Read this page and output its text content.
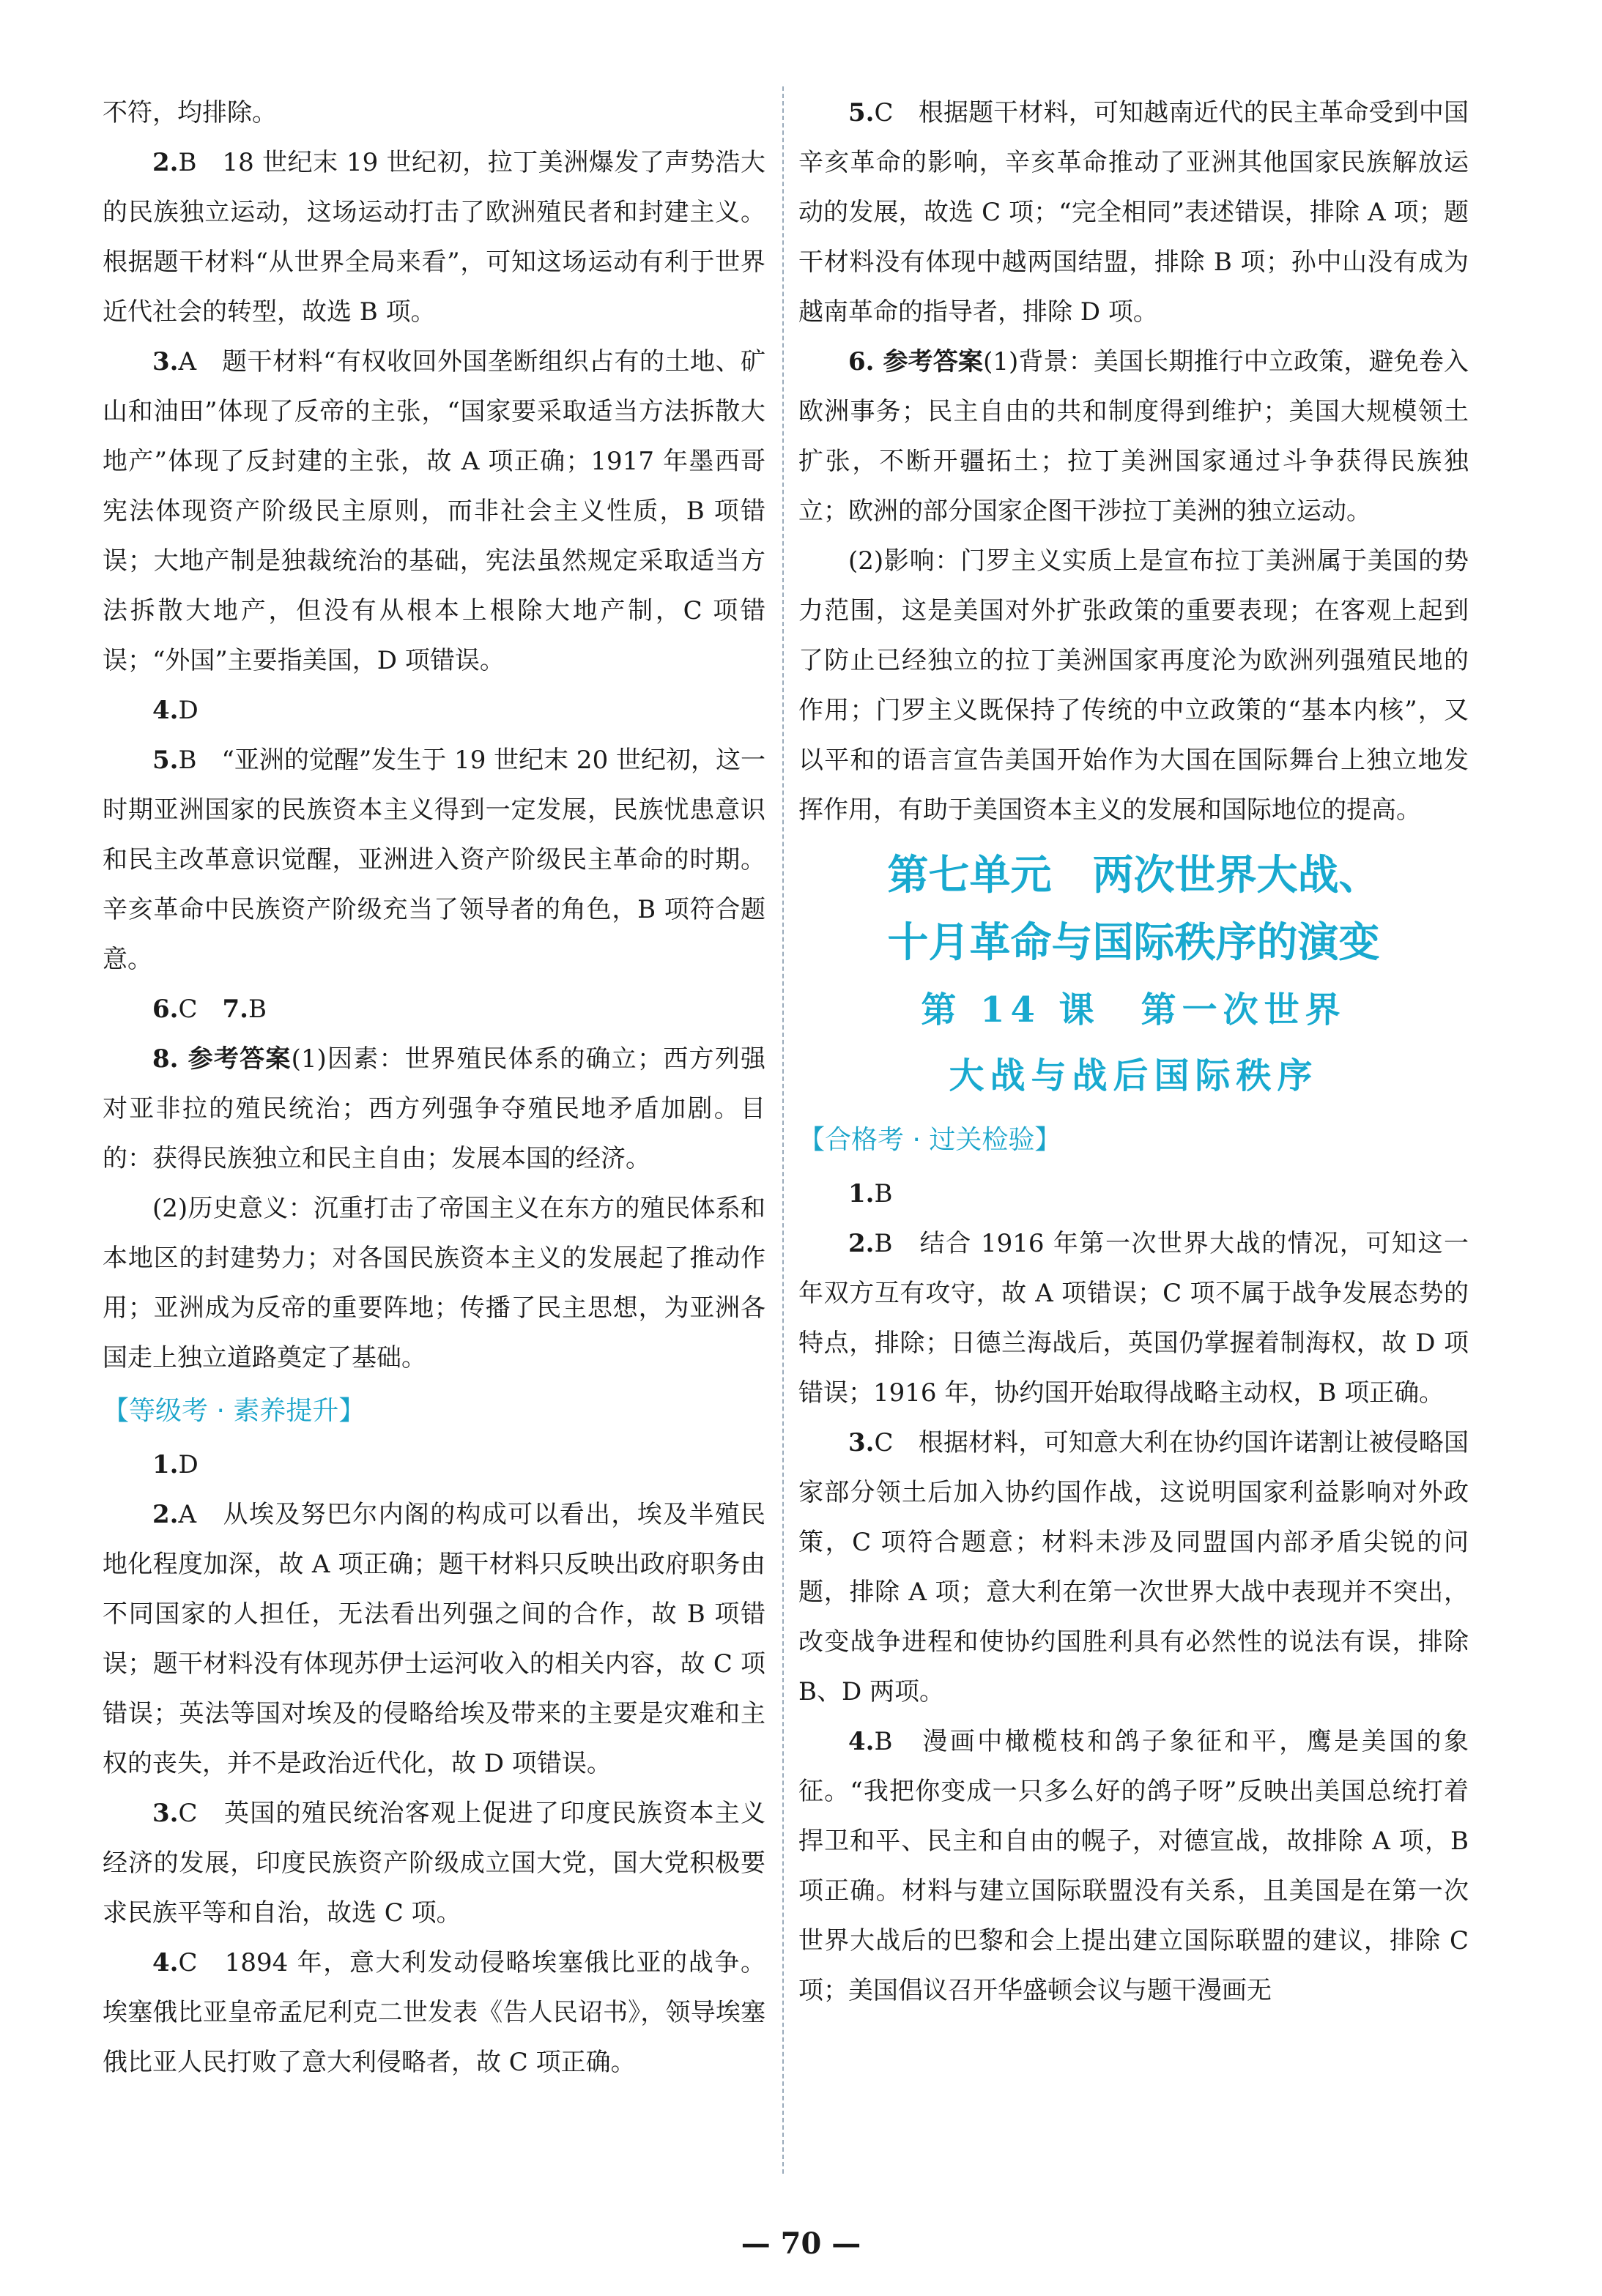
不符，均排除。

2.B　18 世纪末 19 世纪初，拉丁美洲爆发了声势浩大的民族独立运动，这场运动打击了欧洲殖民者和封建主义。根据题干材料“从世界全局来看”，可知这场运动有利于世界近代社会的转型，故选 B 项。

3.A　题干材料“有权收回外国垄断组织占有的土地、矿山和油田”体现了反帝的主张，“国家要采取适当方法拆散大地产”体现了反封建的主张，故 A 项正确；1917 年墨西哥宪法体现资产阶级民主原则，而非社会主义性质，B 项错误；大地产制是独裁统治的基础，宪法虽然规定采取适当方法拆散大地产，但没有从根本上根除大地产制，C 项错误；“外国”主要指美国，D 项错误。

4.D

5.B　“亚洲的觉醒”发生于 19 世纪末 20 世纪初，这一时期亚洲国家的民族资本主义得到一定发展，民族忧患意识和民主改革意识觉醒，亚洲进入资产阶级民主革命的时期。辛亥革命中民族资产阶级充当了领导者的角色，B 项符合题意。

6.C　7.B

8. 参考答案(1)因素：世界殖民体系的确立；西方列强对亚非拉的殖民统治；西方列强争夺殖民地矛盾加剧。目的：获得民族独立和民主自由；发展本国的经济。

(2)历史意义：沉重打击了帝国主义在东方的殖民体系和本地区的封建势力；对各国民族资本主义的发展起了推动作用；亚洲成为反帝的重要阵地；传播了民主思想，为亚洲各国走上独立道路奠定了基础。

【等级考 · 素养提升】

1.D

2.A　从埃及努巴尔内阁的构成可以看出，埃及半殖民地化程度加深，故 A 项正确；题干材料只反映出政府职务由不同国家的人担任，无法看出列强之间的合作，故 B 项错误；题干材料没有体现苏伊士运河收入的相关内容，故 C 项错误；英法等国对埃及的侵略给埃及带来的主要是灾难和主权的丧失，并不是政治近代化，故 D 项错误。

3.C　英国的殖民统治客观上促进了印度民族资本主义经济的发展，印度民族资产阶级成立国大党，国大党积极要求民族平等和自治，故选 C 项。

4.C　1894 年，意大利发动侵略埃塞俄比亚的战争。埃塞俄比亚皇帝孟尼利克二世发表《告人民诏书》，领导埃塞俄比亚人民打败了意大利侵略者，故 C 项正确。

5.C　根据题干材料，可知越南近代的民主革命受到中国辛亥革命的影响，辛亥革命推动了亚洲其他国家民族解放运动的发展，故选 C 项；“完全相同”表述错误，排除 A 项；题干材料没有体现中越两国结盟，排除 B 项；孙中山没有成为越南革命的指导者，排除 D 项。

6. 参考答案(1)背景：美国长期推行中立政策，避免卷入欧洲事务；民主自由的共和制度得到维护；美国大规模领土扩张，不断开疆拓土；拉丁美洲国家通过斗争获得民族独立；欧洲的部分国家企图干涉拉丁美洲的独立运动。

(2)影响：门罗主义实质上是宣布拉丁美洲属于美国的势力范围，这是美国对外扩张政策的重要表现；在客观上起到了防止已经独立的拉丁美洲国家再度沦为欧洲列强殖民地的作用；门罗主义既保持了传统的中立政策的“基本内核”，又以平和的语言宣告美国开始作为大国在国际舞台上独立地发挥作用，有助于美国资本主义的发展和国际地位的提高。

第七单元　两次世界大战、
十月革命与国际秩序的演变
第 14 课　第一次世界
大战与战后国际秩序
【合格考 · 过关检验】

1.B

2.B　结合 1916 年第一次世界大战的情况，可知这一年双方互有攻守，故 A 项错误；C 项不属于战争发展态势的特点，排除；日德兰海战后，英国仍掌握着制海权，故 D 项错误；1916 年，协约国开始取得战略主动权，B 项正确。

3.C　根据材料，可知意大利在协约国许诺割让被侵略国家部分领土后加入协约国作战，这说明国家利益影响对外政策，C 项符合题意；材料未涉及同盟国内部矛盾尖锐的问题，排除 A 项；意大利在第一次世界大战中表现并不突出，改变战争进程和使协约国胜利具有必然性的说法有误，排除 B、D 两项。

4.B　漫画中橄榄枝和鸽子象征和平，鹰是美国的象征。“我把你变成一只多么好的鸽子呀”反映出美国总统打着捍卫和平、民主和自由的幌子，对德宣战，故排除 A 项，B 项正确。材料与建立国际联盟没有关系，且美国是在第一次世界大战后的巴黎和会上提出建立国际联盟的建议，排除 C 项；美国倡议召开华盛顿会议与题干漫画无

— 70 —
